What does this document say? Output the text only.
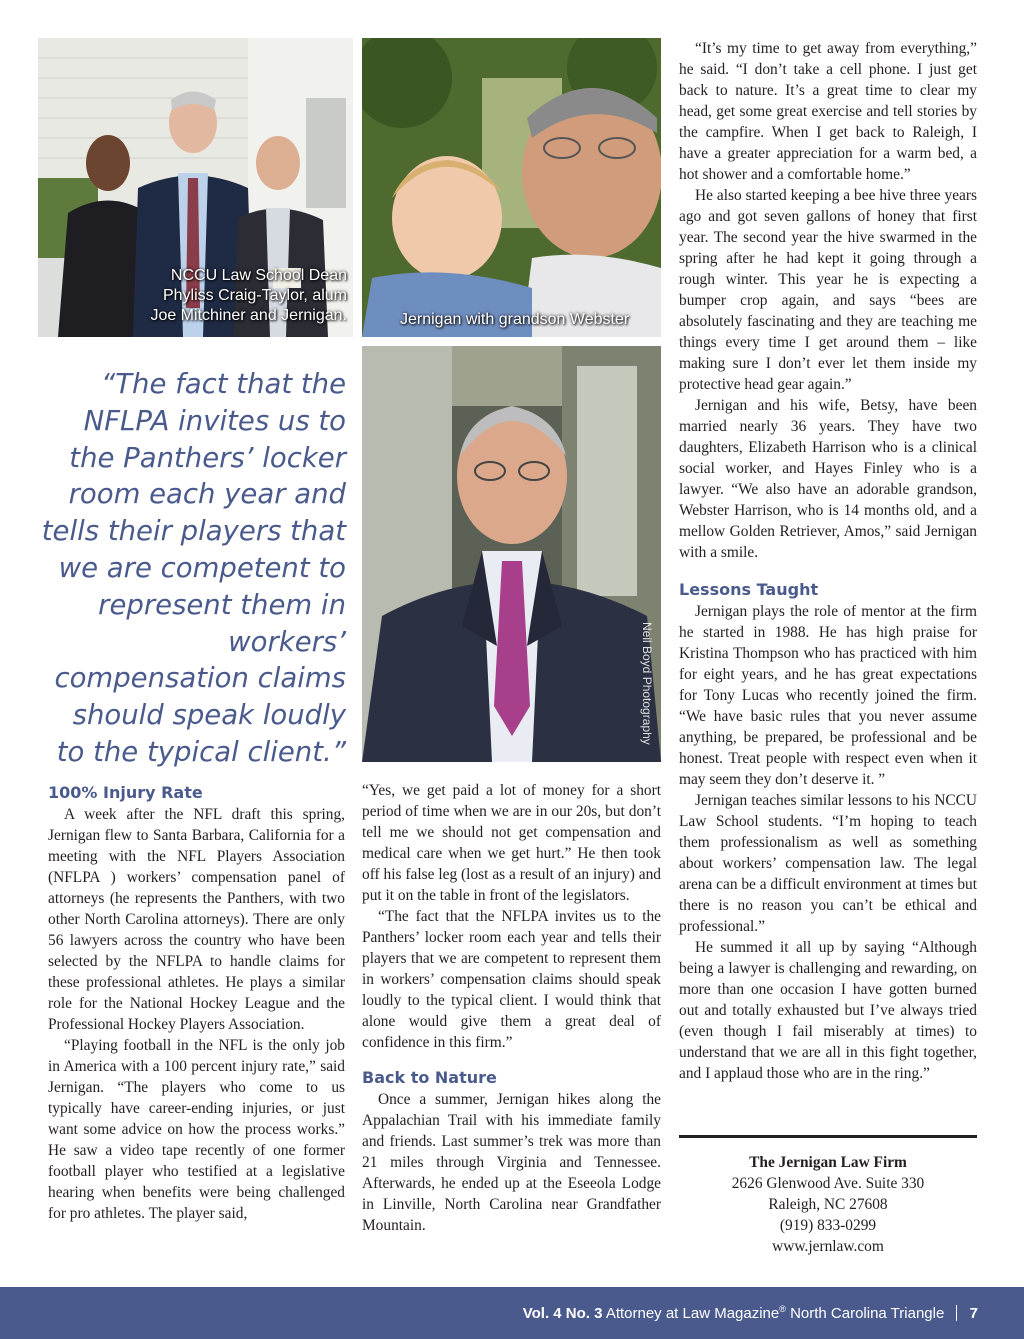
NCCU Law School Dean Phyliss Craig-Taylor, alum Joe Mitchiner and Jernigan.	Jernigan with grandson Webster
Neil Boyd Photography
“The fact that the NFLPA invites us to the Panthers’ locker room each year and tells their players that we are competent to represent them in workers’ compensation claims should speak loudly to the typical client.”
100% Injury Rate

A week after the NFL draft this spring, Jernigan flew to Santa Barbara, California for a meeting with the NFL Players Association (NFLPA ) workers’ compensation panel of attorneys (he represents the Panthers, with two other North Carolina attorneys). There are only 56 lawyers across the country who have been selected by the NFLPA to handle claims for these professional athletes. He plays a similar role for the National Hockey League and the Professional Hockey Players Association.

“Playing football in the NFL is the only job in America with a 100 percent injury rate,” said Jernigan. “The players who come to us typically have career-ending injuries, or just want some advice on how the process works.” He saw a video tape recently of one former football player who testified at a legislative hearing when benefits were being challenged for pro athletes. The player said,

“Yes, we get paid a lot of money for a short period of time when we are in our 20s, but don’t tell me we should not get compensation and medical care when we get hurt.” He then took off his false leg (lost as a result of an injury) and put it on the table in front of the legislators.

“The fact that the NFLPA invites us to the Panthers’ locker room each year and tells their players that we are competent to represent them in workers’ compensation claims should speak loudly to the typical client. I would think that alone would give them a great deal of confidence in this firm.”

Back to Nature

Once a summer, Jernigan hikes along the Appalachian Trail with his immediate family and friends. Last summer’s trek was more than 21 miles through Virginia and Tennessee. Afterwards, he ended up at the Eseeola Lodge in Linville, North Carolina near Grandfather Mountain.

“It’s my time to get away from everything,” he said. “I don’t take a cell phone. I just get back to nature. It’s a great time to clear my head, get some great exercise and tell stories by the campfire. When I get back to Raleigh, I have a greater appreciation for a warm bed, a hot shower and a comfortable home.”

He also started keeping a bee hive three years ago and got seven gallons of honey that first year. The second year the hive swarmed in the spring after he had kept it going through a rough winter. This year he is expecting a bumper crop again, and says “bees are absolutely fascinating and they are teaching me things every time I get around them – like making sure I don’t ever let them inside my protective head gear again.”

Jernigan and his wife, Betsy, have been married nearly 36 years. They have two daughters, Elizabeth Harrison who is a clinical social worker, and Hayes Finley who is a lawyer. “We also have an adorable grandson, Webster Harrison, who is 14 months old, and a mellow Golden Retriever, Amos,” said Jernigan with a smile.

Lessons Taught

Jernigan plays the role of mentor at the firm he started in 1988. He has high praise for Kristina Thompson who has practiced with him for eight years, and he has great expectations for Tony Lucas who recently joined the firm. “We have basic rules that you never assume anything, be prepared, be professional and be honest. Treat people with respect even when it may seem they don’t deserve it. ”

Jernigan teaches similar lessons to his NCCU Law School students. “I’m hoping to teach them professionalism as well as something about workers’ compensation law. The legal arena can be a difficult environment at times but there is no reason you can’t be ethical and professional.”

He summed it all up by saying “Although being a lawyer is challenging and rewarding, on more than one occasion I have gotten burned out and totally exhausted but I’ve always tried (even though I fail miserably at times) to understand that we are all in this fight together, and I applaud those who are in the ring.”

The Jernigan Law Firm
2626 Glenwood Ave. Suite 330
Raleigh, NC 27608
(919) 833-0299
www.jernlaw.com
Vol. 4 No. 3 Attorney at Law Magazine® North Carolina Triangle 7
